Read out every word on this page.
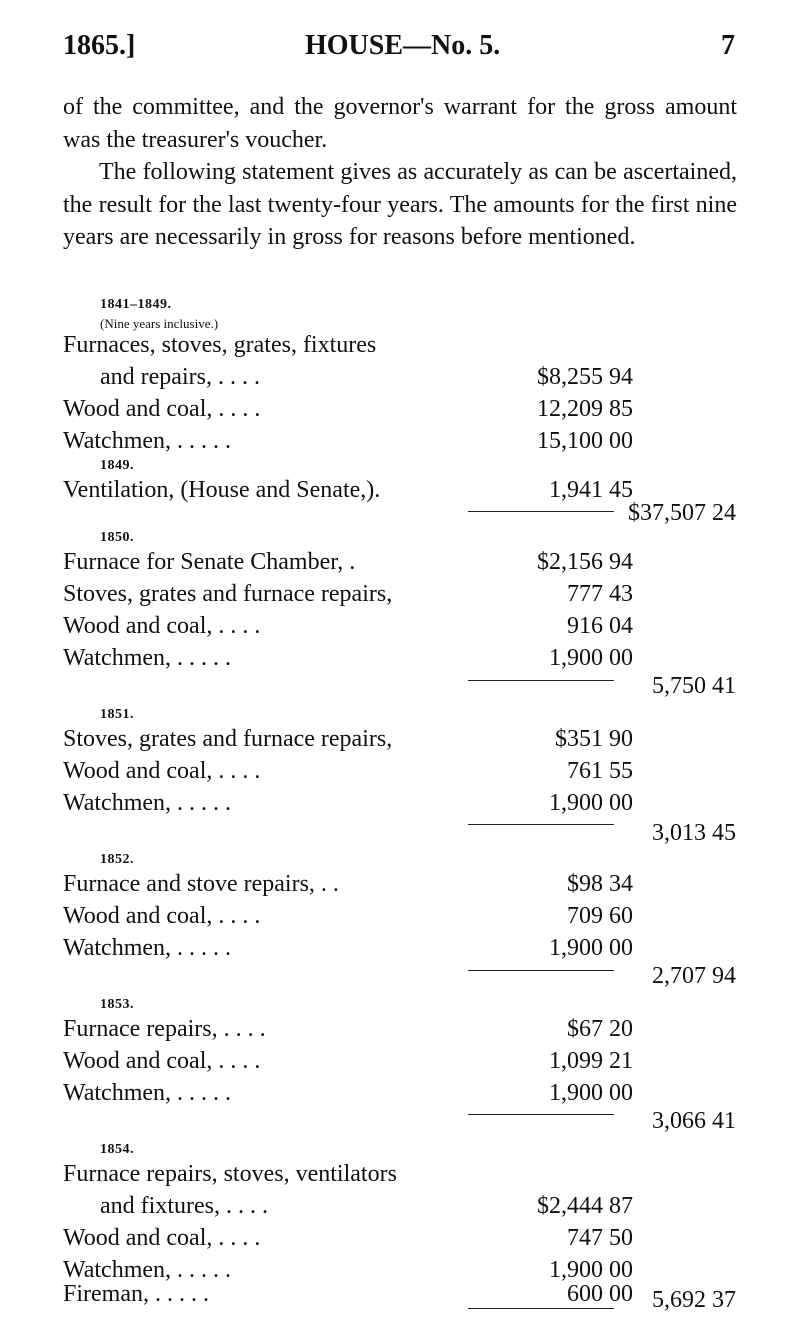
1865.]	HOUSE—No. 5.	7

of the committee, and the governor's warrant for the gross amount was the treasurer's voucher.

The following statement gives as accurately as can be ascertained, the result for the last twenty-four years. The amounts for the first nine years are necessarily in gross for reasons before mentioned.

1841–1849.
(Nine years inclusive.)
Furnaces, stoves, grates, fixtures
and repairs, . . . .	$8,255 94
Wood and coal, . . . .	12,209 85
Watchmen, . . . . .	15,100 00
1849.
Ventilation, (House and Senate,).	1,941 45
$37,507 24
1850.
Furnace for Senate Chamber, .	$2,156 94
Stoves, grates and furnace repairs,	777 43
Wood and coal, . . . .	916 04
Watchmen, . . . . .	1,900 00
5,750 41
1851.
Stoves, grates and furnace repairs,	$351 90
Wood and coal, . . . .	761 55
Watchmen, . . . . .	1,900 00
3,013 45
1852.
Furnace and stove repairs, . .	$98 34
Wood and coal, . . . .	709 60
Watchmen, . . . . .	1,900 00
2,707 94
1853.
Furnace repairs, . . . .	$67 20
Wood and coal, . . . .	1,099 21
Watchmen, . . . . .	1,900 00
3,066 41
1854.
Furnace repairs, stoves, ventilators
and fixtures, . . . .	$2,444 87
Wood and coal, . . . .	747 50
Watchmen, . . . . .	1,900 00
Fireman, . . . . .	600 00 5,692 37
